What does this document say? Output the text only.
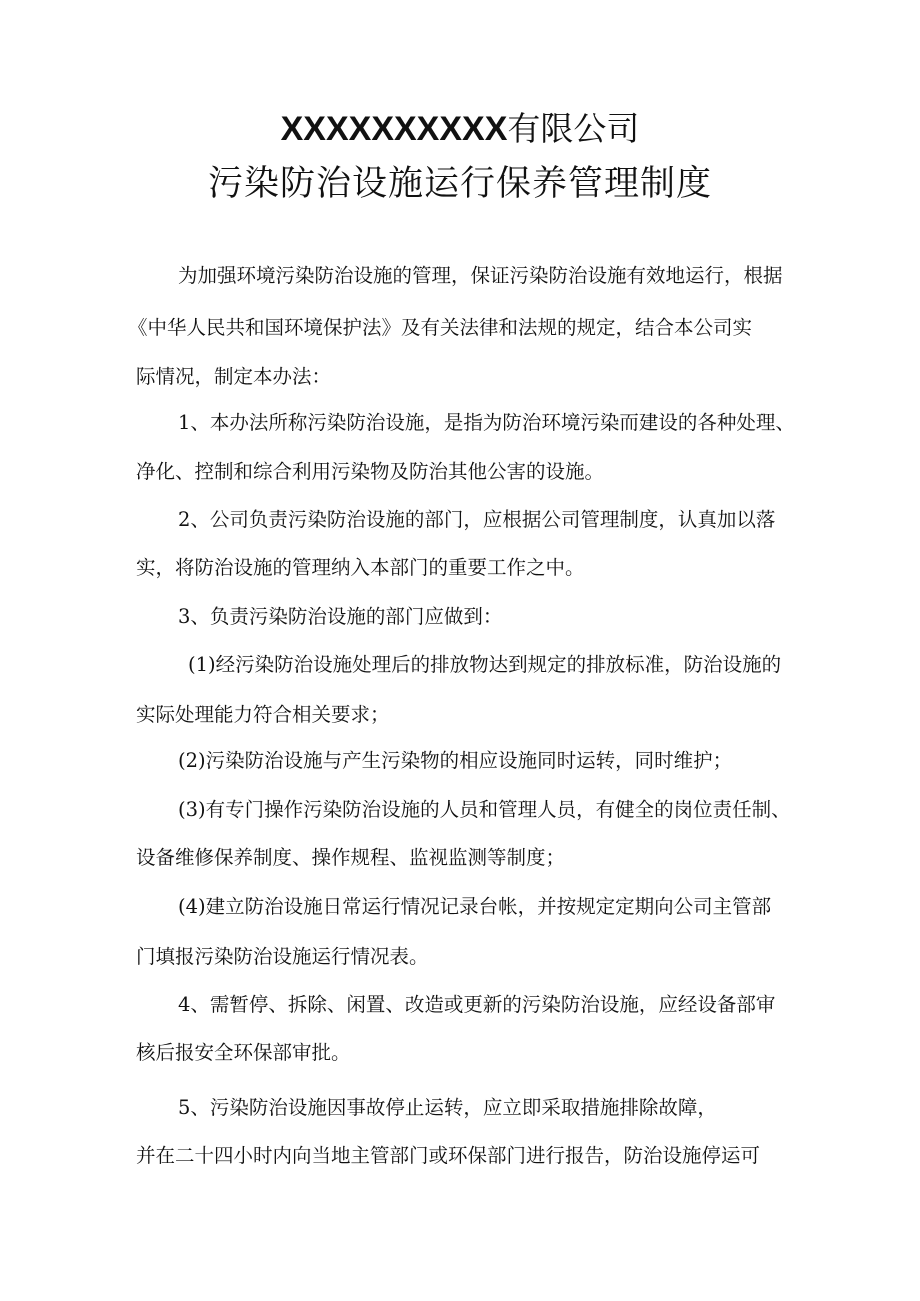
XXXXXXXXXX有限公司
污染防治设施运行保养管理制度
为加强环境污染防治设施的管理，保证污染防治设施有效地运行，根据
《中华人民共和国环境保护法》及有关法律和法规的规定，结合本公司实
际情况，制定本办法：
1、本办法所称污染防治设施，是指为防治环境污染而建设的各种处理、
净化、控制和综合利用污染物及防治其他公害的设施。
2、公司负责污染防治设施的部门，应根据公司管理制度，认真加以落
实，将防治设施的管理纳入本部门的重要工作之中。
3、负责污染防治设施的部门应做到：
(1)经污染防治设施处理后的排放物达到规定的排放标准，防治设施的
实际处理能力符合相关要求；
(2)污染防治设施与产生污染物的相应设施同时运转，同时维护；
(3)有专门操作污染防治设施的人员和管理人员，有健全的岗位责任制、
设备维修保养制度、操作规程、监视监测等制度；
(4)建立防治设施日常运行情况记录台帐，并按规定定期向公司主管部
门填报污染防治设施运行情况表。
4、需暂停、拆除、闲置、改造或更新的污染防治设施，应经设备部审
核后报安全环保部审批。
5、污染防治设施因事故停止运转，应立即采取措施排除故障，
并在二十四小时内向当地主管部门或环保部门进行报告，防治设施停运可
